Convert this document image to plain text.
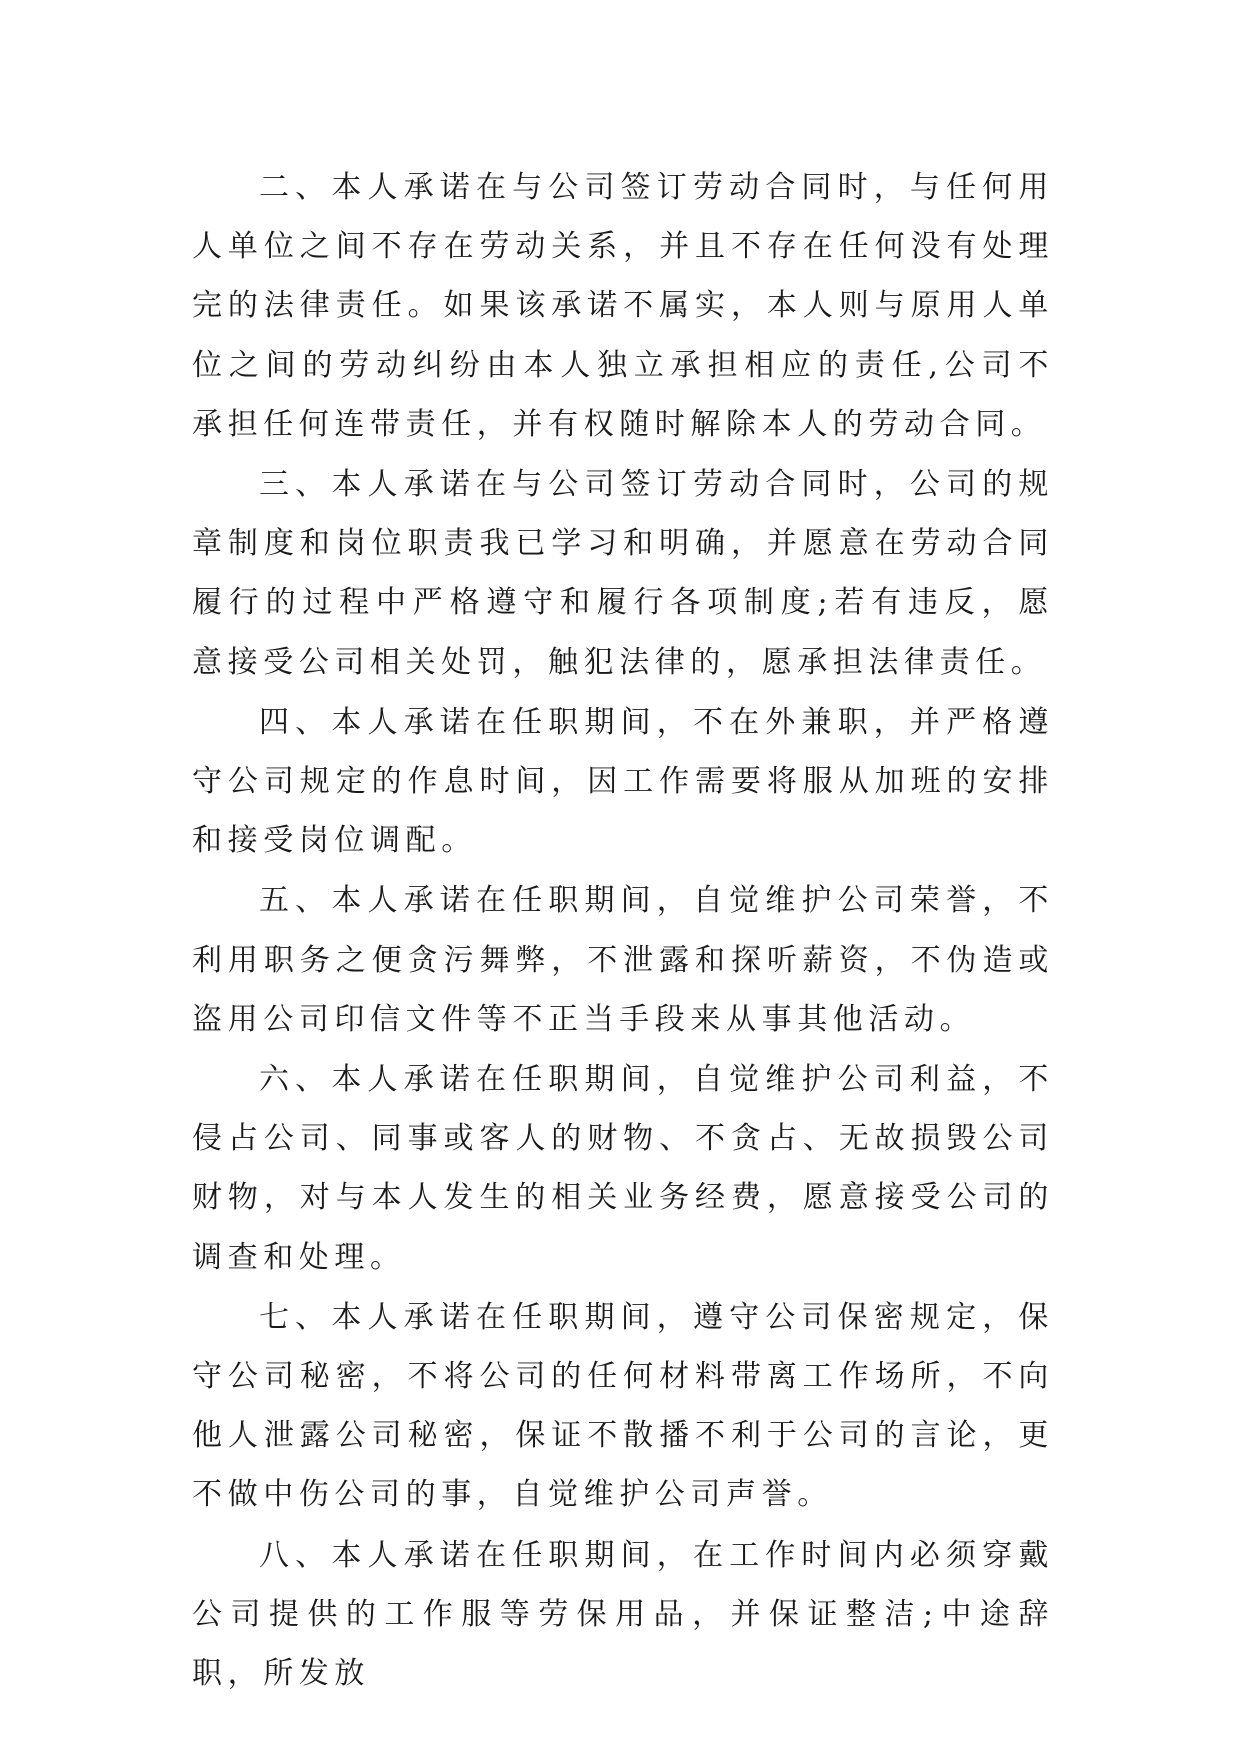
二、本人承诺在与公司签订劳动合同时，与任何用人单位之间不存在劳动关系，并且不存在任何没有处理完的法律责任。如果该承诺不属实，本人则与原用人单位之间的劳动纠纷由本人独立承担相应的责任,公司不承担任何连带责任，并有权随时解除本人的劳动合同。

三、本人承诺在与公司签订劳动合同时，公司的规章制度和岗位职责我已学习和明确，并愿意在劳动合同履行的过程中严格遵守和履行各项制度;若有违反，愿意接受公司相关处罚，触犯法律的，愿承担法律责任。

四、本人承诺在任职期间，不在外兼职，并严格遵守公司规定的作息时间，因工作需要将服从加班的安排和接受岗位调配。

五、本人承诺在任职期间，自觉维护公司荣誉，不利用职务之便贪污舞弊，不泄露和探听薪资，不伪造或盗用公司印信文件等不正当手段来从事其他活动。

六、本人承诺在任职期间，自觉维护公司利益，不侵占公司、同事或客人的财物、不贪占、无故损毁公司财物，对与本人发生的相关业务经费，愿意接受公司的调查和处理。

七、本人承诺在任职期间，遵守公司保密规定，保守公司秘密，不将公司的任何材料带离工作场所，不向他人泄露公司秘密，保证不散播不利于公司的言论，更不做中伤公司的事，自觉维护公司声誉。

八、本人承诺在任职期间，在工作时间内必须穿戴公司提供的工作服等劳保用品，并保证整洁;中途辞职，所发放
